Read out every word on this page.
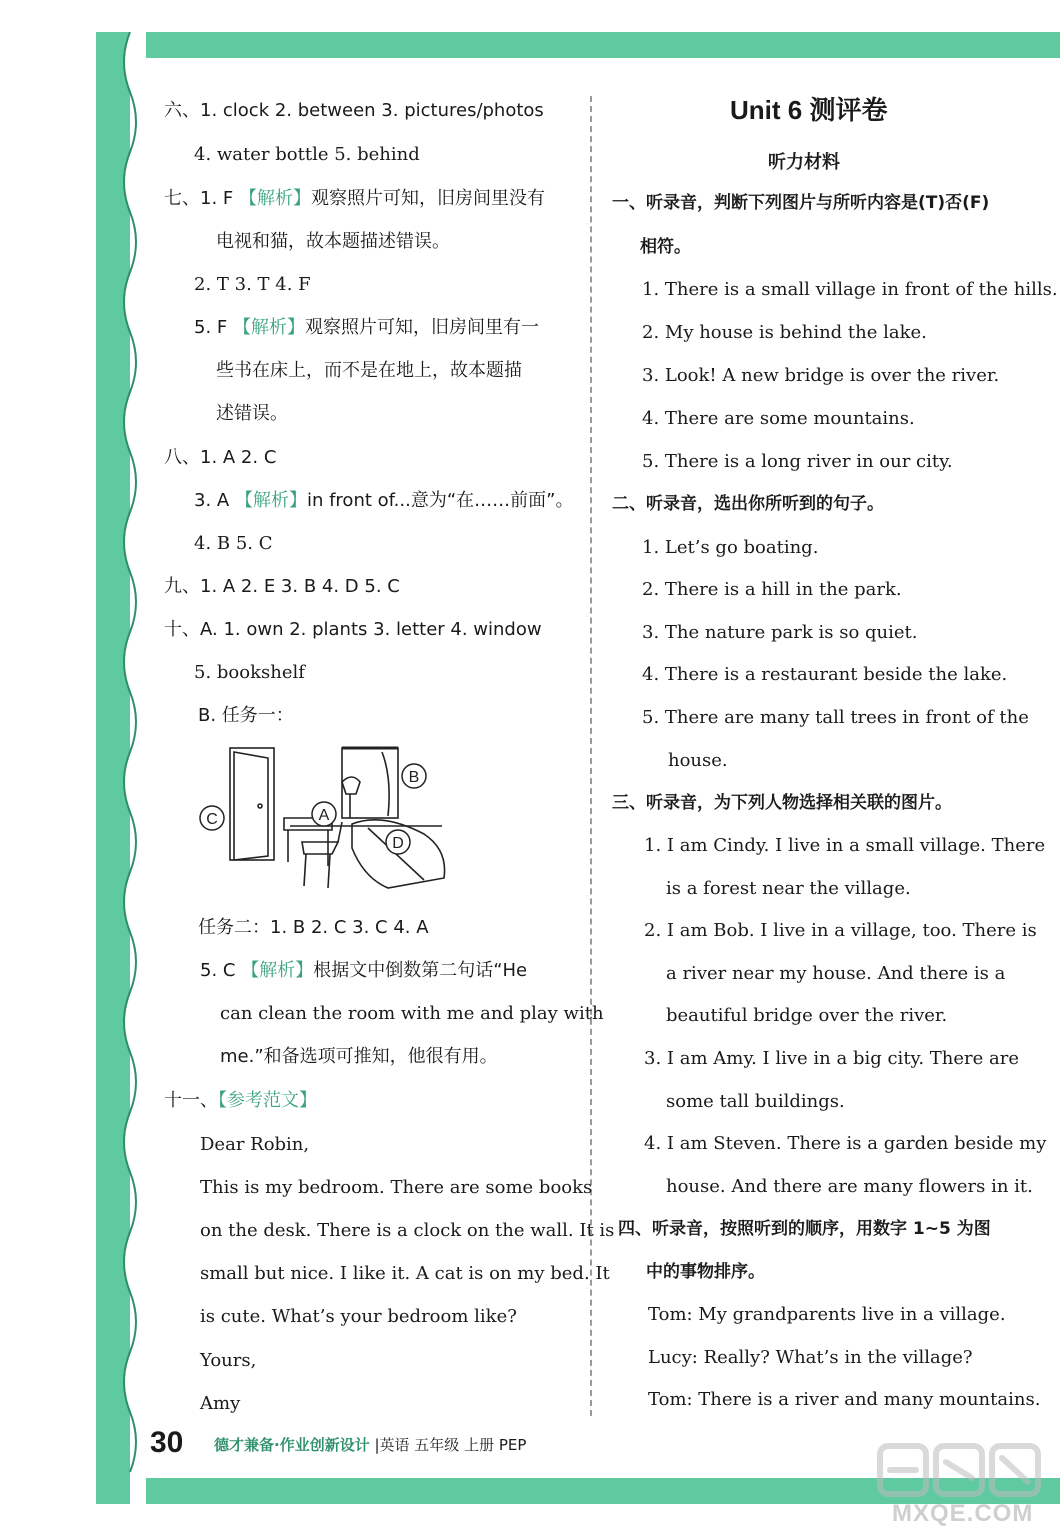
六、1. clock 2. between 3. pictures/photos
4. water bottle 5. behind
七、1. F 【解析】观察照片可知，旧房间里没有
电视和猫，故本题描述错误。
2. T 3. T 4. F
5. F 【解析】观察照片可知，旧房间里有一
些书在床上，而不是在地上，故本题描
述错误。
八、1. A 2. C
3. A 【解析】in front of...意为“在……前面”。
4. B 5. C
九、1. A 2. E 3. B 4. D 5. C
十、A. 1. own 2. plants 3. letter 4. window
5. bookshelf
B. 任务一：
C	A
B
D
任务二：1. B 2. C 3. C 4. A
5. C 【解析】根据文中倒数第二句话“He
can clean the room with me and play with
me.”和备选项可推知，他很有用。
十一、【参考范文】
Dear Robin,
This is my bedroom. There are some books
on the desk. There is a clock on the wall. It is
small but nice. I like it. A cat is on my bed. It
is cute. What’s your bedroom like?
Yours,
Amy
Unit 6 测评卷
听力材料
一、听录音，判断下列图片与所听内容是(T)否(F)
相符。
1. There is a small village in front of the hills.
2. My house is behind the lake.
3. Look! A new bridge is over the river.
4. There are some mountains.
5. There is a long river in our city.
二、听录音，选出你所听到的句子。
1. Let’s go boating.
2. There is a hill in the park.
3. The nature park is so quiet.
4. There is a restaurant beside the lake.
5. There are many tall trees in front of the
house.
三、听录音，为下列人物选择相关联的图片。
1. I am Cindy. I live in a small village. There
is a forest near the village.
2. I am Bob. I live in a village, too. There is
a river near my house. And there is a
beautiful bridge over the river.
3. I am Amy. I live in a big city. There are
some tall buildings.
4. I am Steven. There is a garden beside my
house. And there are many flowers in it.
四、听录音，按照听到的顺序，用数字 1~5 为图
中的事物排序。
Tom: My grandparents live in a village.
Lucy: Really? What’s in the village?
Tom: There is a river and many mountains.
30 德才兼备·作业创新设计 |英语 五年级 上册 PEP
MXQE.COM
